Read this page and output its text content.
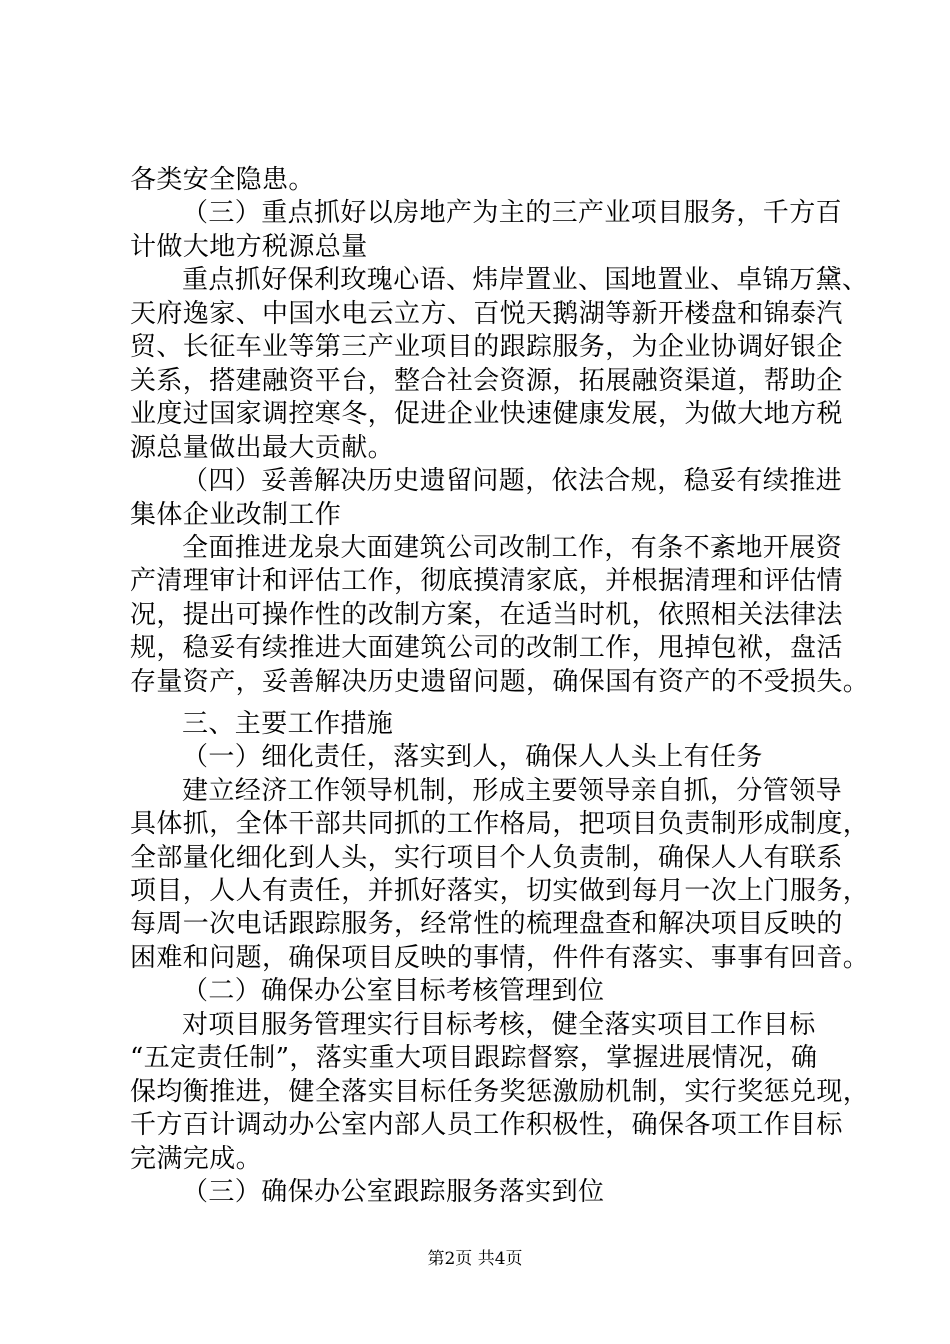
各类安全隐患。
（三）重点抓好以房地产为主的三产业项目服务，千方百
计做大地方税源总量
重点抓好保利玫瑰心语、炜岸置业、国地置业、卓锦万黛、
天府逸家、中国水电云立方、百悦天鹅湖等新开楼盘和锦泰汽
贸、长征车业等第三产业项目的跟踪服务，为企业协调好银企
关系，搭建融资平台，整合社会资源，拓展融资渠道，帮助企
业度过国家调控寒冬，促进企业快速健康发展，为做大地方税
源总量做出最大贡献。
（四）妥善解决历史遗留问题，依法合规，稳妥有续推进
集体企业改制工作
全面推进龙泉大面建筑公司改制工作，有条不紊地开展资
产清理审计和评估工作，彻底摸清家底，并根据清理和评估情
况，提出可操作性的改制方案，在适当时机，依照相关法律法
规，稳妥有续推进大面建筑公司的改制工作，甩掉包袱，盘活
存量资产，妥善解决历史遗留问题，确保国有资产的不受损失。
三、主要工作措施
（一）细化责任，落实到人，确保人人头上有任务
建立经济工作领导机制，形成主要领导亲自抓，分管领导
具体抓，全体干部共同抓的工作格局，把项目负责制形成制度，
全部量化细化到人头，实行项目个人负责制，确保人人有联系
项目，人人有责任，并抓好落实，切实做到每月一次上门服务，
每周一次电话跟踪服务，经常性的梳理盘查和解决项目反映的
困难和问题，确保项目反映的事情，件件有落实、事事有回音。
（二）确保办公室目标考核管理到位
对项目服务管理实行目标考核，健全落实项目工作目标
“五定责任制”，落实重大项目跟踪督察，掌握进展情况，确
保均衡推进，健全落实目标任务奖惩激励机制，实行奖惩兑现，
千方百计调动办公室内部人员工作积极性，确保各项工作目标
完满完成。
（三）确保办公室跟踪服务落实到位
第2页 共4页
